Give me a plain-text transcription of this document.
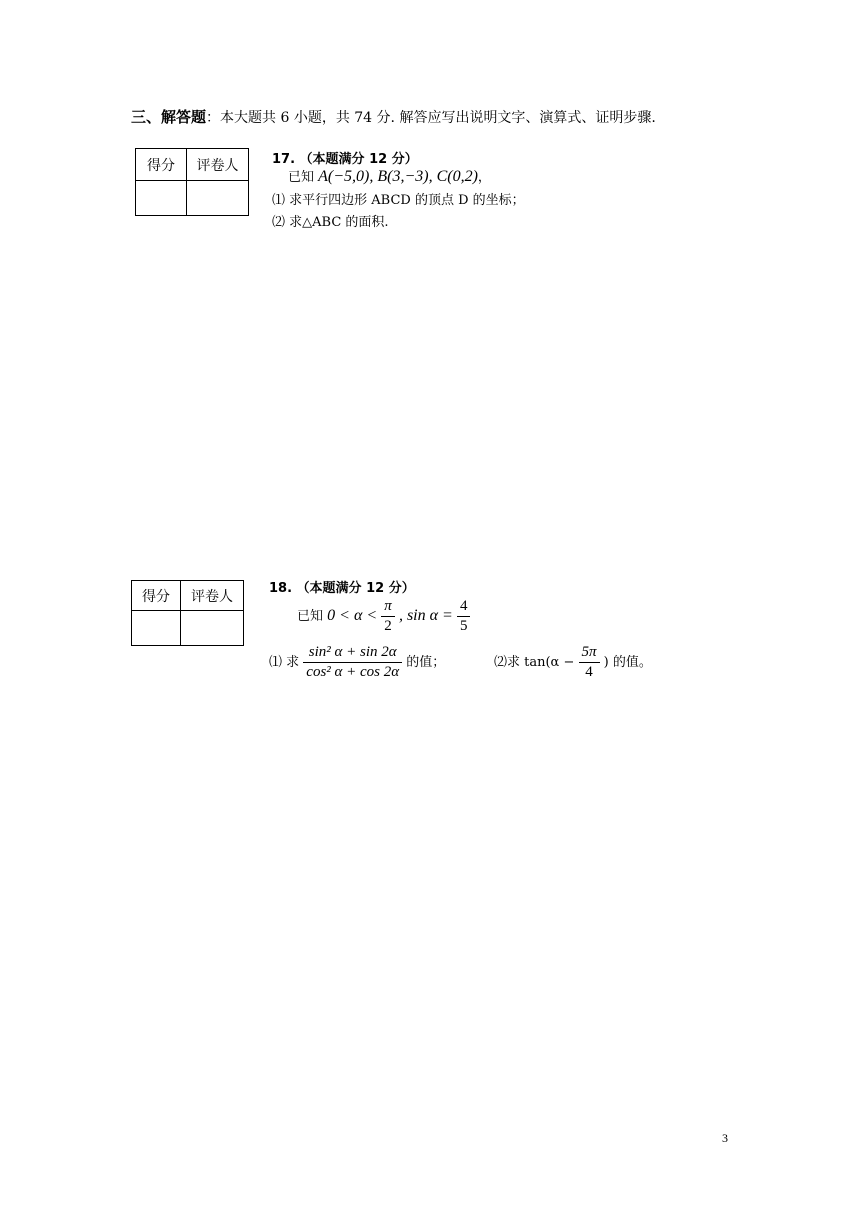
三、解答题：本大题共 6 小题，共 74 分. 解答应写出说明文字、演算式、证明步骤.
得分	评卷人
		17. （本题满分 12 分）
已知 A(−5,0), B(3,−3), C(0,2)，
⑴ 求平行四边形 ABCD 的顶点 D 的坐标；
⑵ 求△ABC 的面积.
得分	评卷人
		18. （本题满分 12 分）
已知 $0 < \alpha < \frac{\pi}{2}$ , $\sin \alpha = \frac{4}{5}$
⑴ 求 $\frac{\text{sin² α + sin 2α}}{\text{cos² α + cos 2α}}$ 的值；	⑵求 $\tan(\alpha - \frac{5\pi}{4}$ ) 的值。
3
